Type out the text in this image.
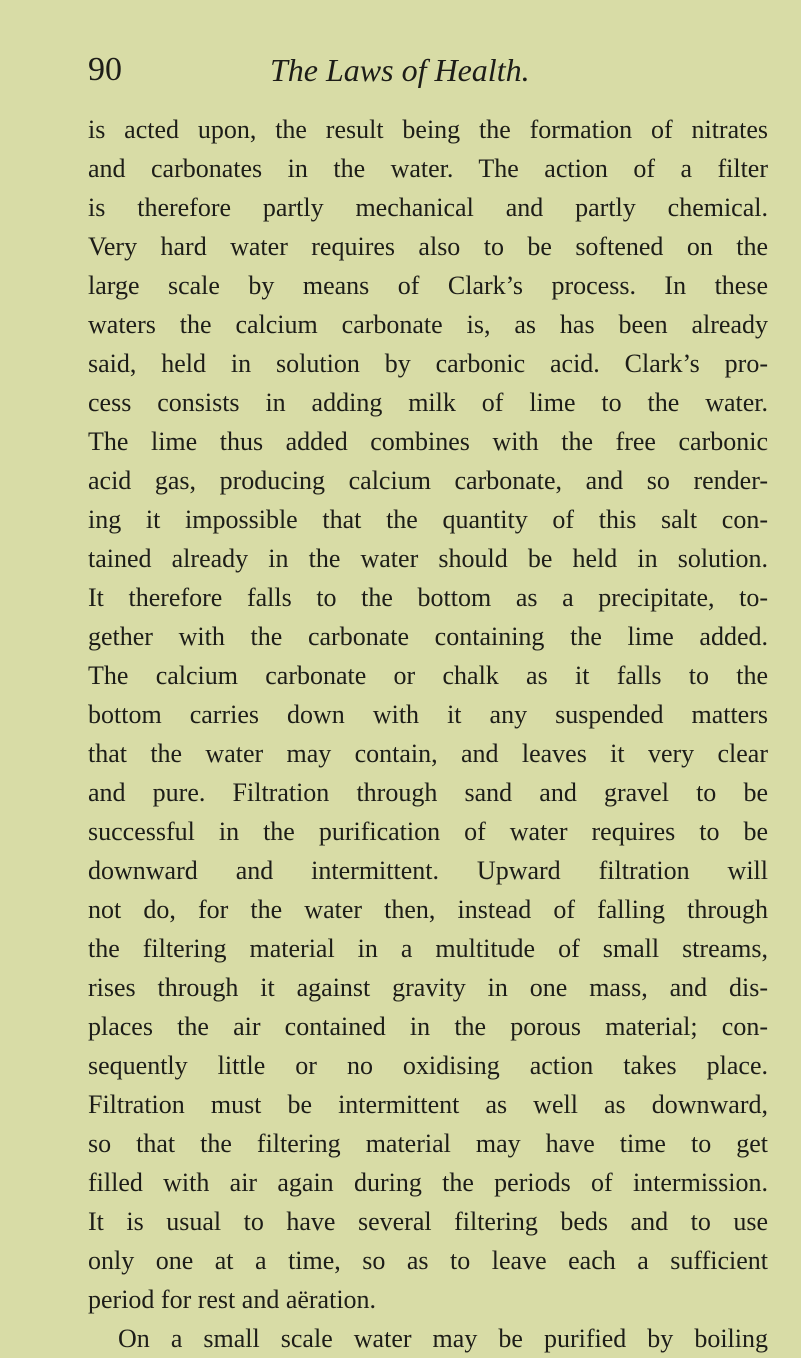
90	The Laws of Health.
is acted upon, the result being the formation of nitrates
and carbonates in the water. The action of a filter
is therefore partly mechanical and partly chemical.
Very hard water requires also to be softened on the
large scale by means of Clark’s process. In these
waters the calcium carbonate is, as has been already
said, held in solution by carbonic acid. Clark’s pro-
cess consists in adding milk of lime to the water.
The lime thus added combines with the free carbonic
acid gas, producing calcium carbonate, and so render-
ing it impossible that the quantity of this salt con-
tained already in the water should be held in solution.
It therefore falls to the bottom as a precipitate, to-
gether with the carbonate containing the lime added.
The calcium carbonate or chalk as it falls to the
bottom carries down with it any suspended matters
that the water may contain, and leaves it very clear
and pure. Filtration through sand and gravel to be
successful in the purification of water requires to be
downward and intermittent. Upward filtration will
not do, for the water then, instead of falling through
the filtering material in a multitude of small streams,
rises through it against gravity in one mass, and dis-
places the air contained in the porous material; con-
sequently little or no oxidising action takes place.
Filtration must be intermittent as well as downward,
so that the filtering material may have time to get
filled with air again during the periods of intermission.
It is usual to have several filtering beds and to use
only one at a time, so as to leave each a sufficient
period for rest and aëration.
On a small scale water may be purified by boiling
